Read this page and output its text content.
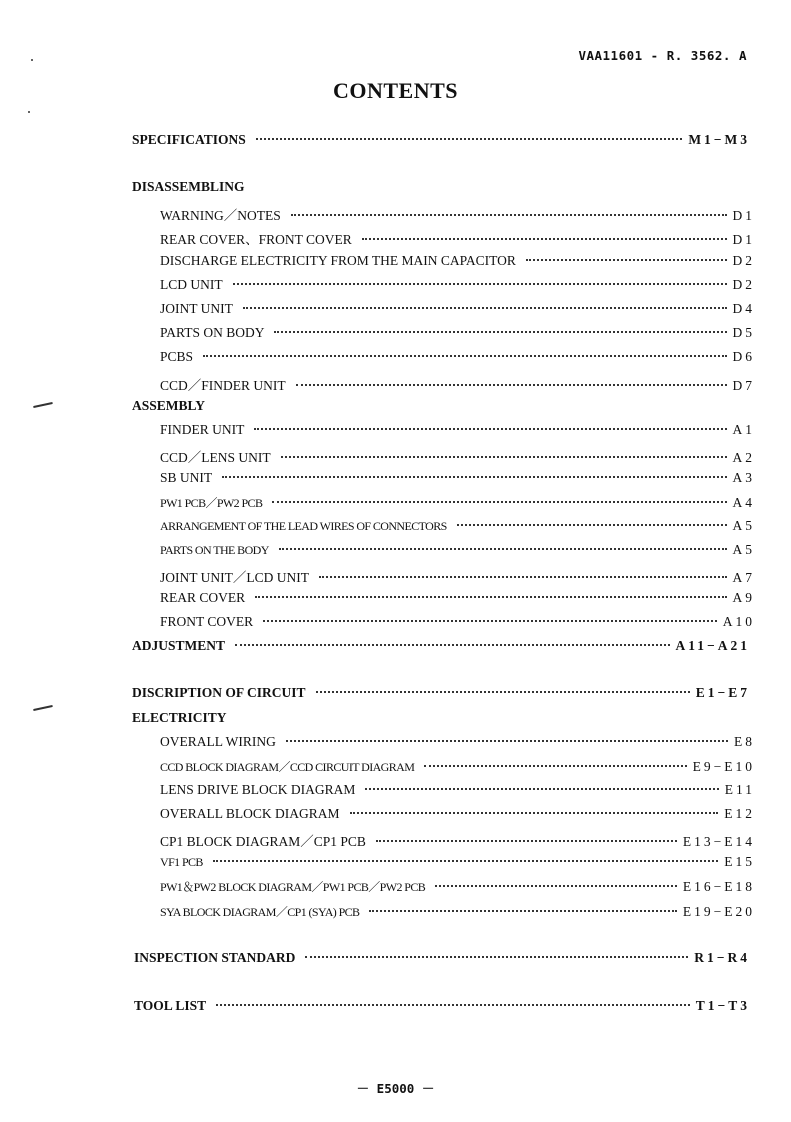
VAA11601 - R. 3562. A
CONTENTS
SPECIFICATIONS	M1−M3
DISASSEMBLING
WARNING／NOTES	D1
REAR COVER、FRONT COVER	D1
DISCHARGE ELECTRICITY FROM THE MAIN CAPACITOR	D2
LCD UNIT	D2
JOINT UNIT	D4
PARTS ON BODY	D5
PCBS	D6
CCD／FINDER UNIT	D7
ASSEMBLY
FINDER UNIT	A1
CCD／LENS UNIT	A2
SB UNIT	A3
PW1 PCB／PW2 PCB	A4
ARRANGEMENT OF THE LEAD WIRES OF CONNECTORS	A5
PARTS ON THE BODY	A5
JOINT UNIT／LCD UNIT	A7
REAR COVER	A9
FRONT COVER	A10
ADJUSTMENT	A11−A21
DISCRIPTION OF CIRCUIT	E1−E7
ELECTRICITY
OVERALL WIRING	E8
CCD BLOCK DIAGRAM／CCD CIRCUIT DIAGRAM	E9−E10
LENS DRIVE BLOCK DIAGRAM	E11
OVERALL BLOCK DIAGRAM	E12
CP1 BLOCK DIAGRAM／CP1 PCB	E13−E14
VF1 PCB	E15
PW1＆PW2 BLOCK DIAGRAM／PW1 PCB／PW2 PCB	E16−E18
SYA BLOCK DIAGRAM／CP1 (SYA) PCB	E19−E20
INSPECTION STANDARD	R1−R4
TOOL LIST	T1−T3
－ E5000 －
